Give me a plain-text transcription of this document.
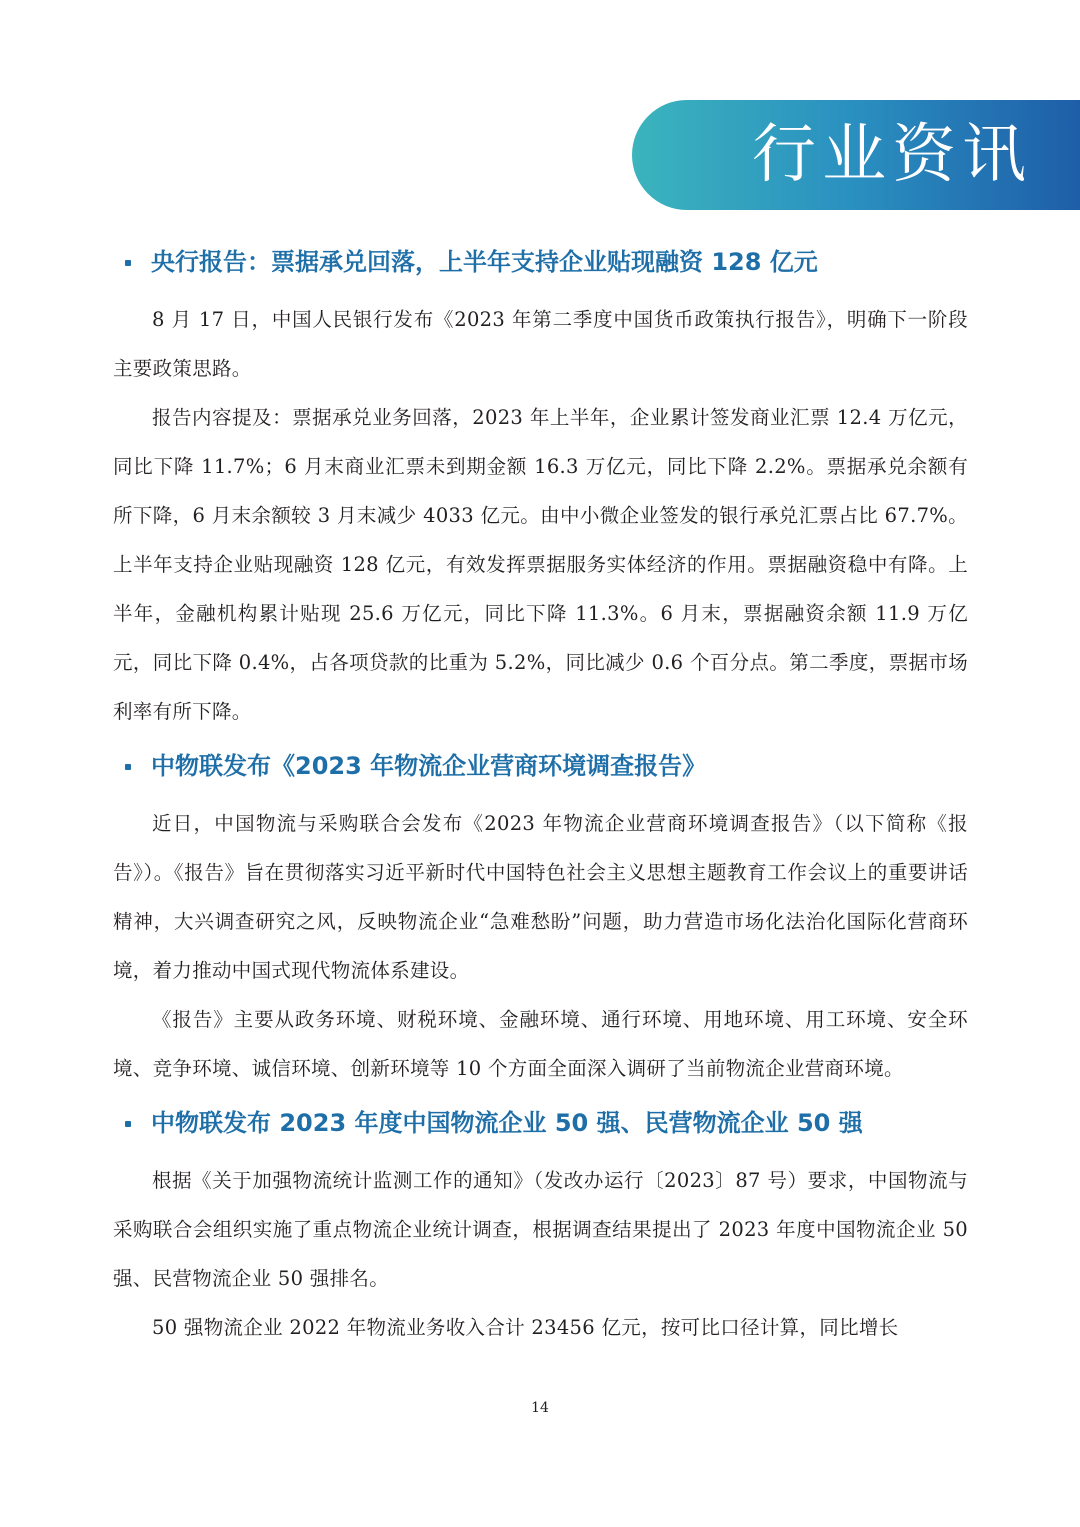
行业资讯
央行报告：票据承兑回落，上半年支持企业贴现融资 128 亿元

8 月 17 日，中国人民银行发布《2023 年第二季度中国货币政策执行报告》，明确下一阶段主要政策思路。

报告内容提及：票据承兑业务回落，2023 年上半年，企业累计签发商业汇票 12.4 万亿元，同比下降 11.7%；6 月末商业汇票未到期金额 16.3 万亿元，同比下降 2.2%。票据承兑余额有所下降，6 月末余额较 3 月末减少 4033 亿元。由中小微企业签发的银行承兑汇票占比 67.7%。上半年支持企业贴现融资 128 亿元，有效发挥票据服务实体经济的作用。票据融资稳中有降。上半年，金融机构累计贴现 25.6 万亿元，同比下降 11.3%。6 月末，票据融资余额 11.9 万亿元，同比下降 0.4%，占各项贷款的比重为 5.2%，同比减少 0.6 个百分点。第二季度，票据市场利率有所下降。

中物联发布《2023 年物流企业营商环境调查报告》

近日，中国物流与采购联合会发布《2023 年物流企业营商环境调查报告》（以下简称《报告》）。《报告》旨在贯彻落实习近平新时代中国特色社会主义思想主题教育工作会议上的重要讲话精神，大兴调查研究之风，反映物流企业“急难愁盼”问题，助力营造市场化法治化国际化营商环境，着力推动中国式现代物流体系建设。

《报告》主要从政务环境、财税环境、金融环境、通行环境、用地环境、用工环境、安全环境、竞争环境、诚信环境、创新环境等 10 个方面全面深入调研了当前物流企业营商环境。

中物联发布 2023 年度中国物流企业 50 强、民营物流企业 50 强

根据《关于加强物流统计监测工作的通知》（发改办运行〔2023〕87 号）要求，中国物流与采购联合会组织实施了重点物流企业统计调查，根据调查结果提出了 2023 年度中国物流企业 50 强、民营物流企业 50 强排名。

50 强物流企业 2022 年物流业务收入合计 23456 亿元，按可比口径计算，同比增长

14
